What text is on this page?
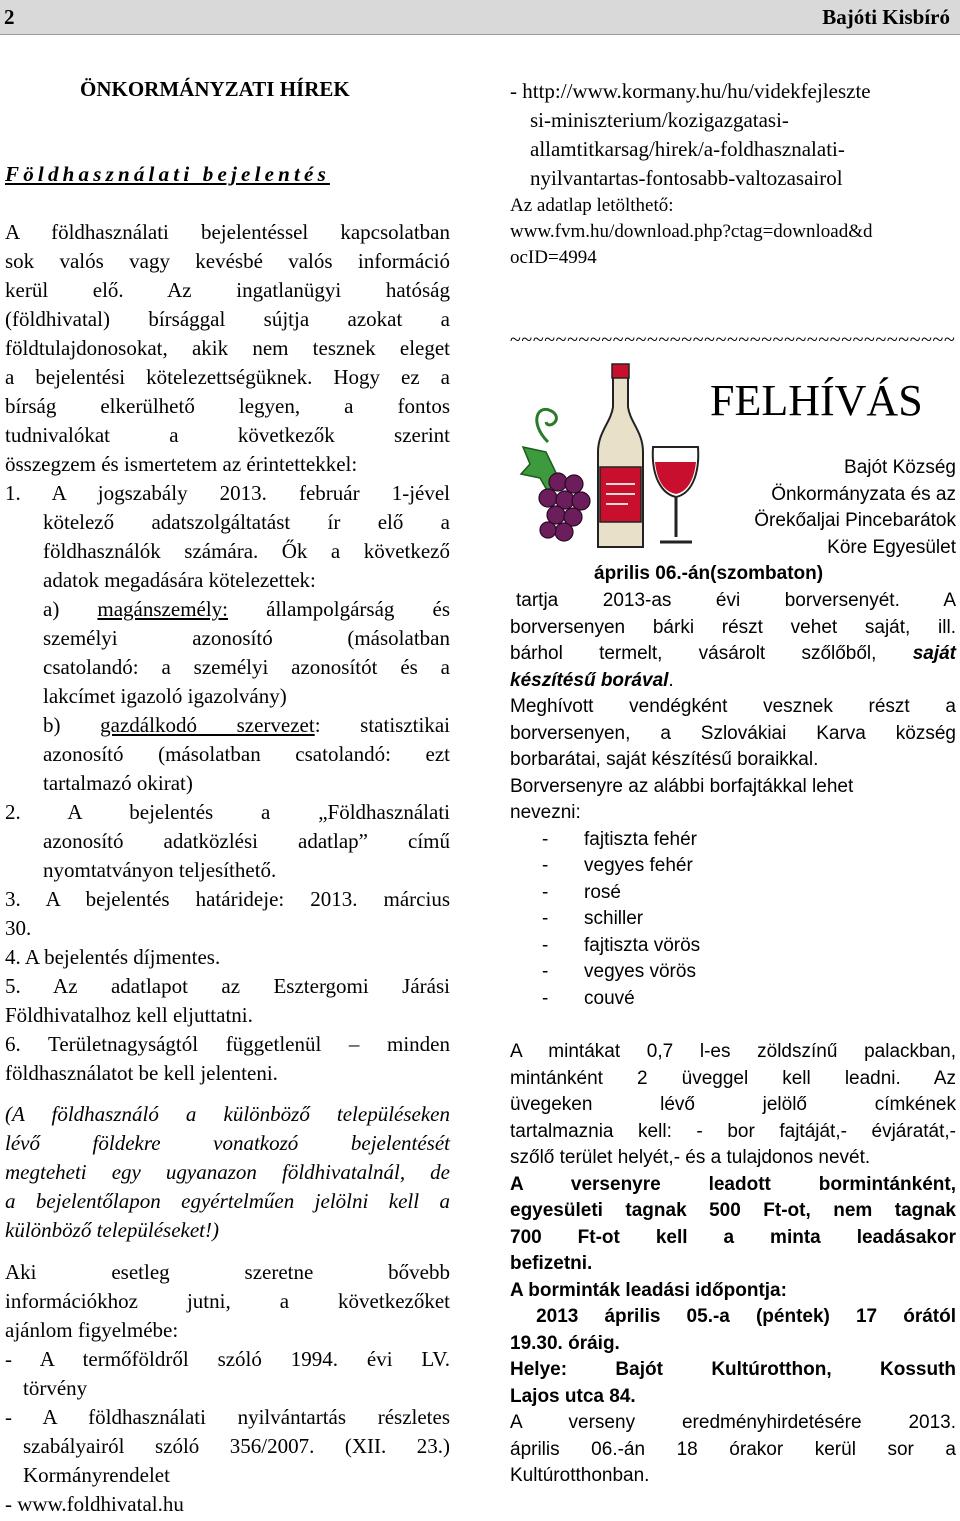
2	Bajóti Kisbíró
ÖNKORMÁNYZATI HÍREK
Földhasználati bejelentés
A földhasználati bejelentéssel kapcsolatban
sok valós vagy kevésbé valós információ
kerül elő. Az ingatlanügyi hatóság
(földhivatal) bírsággal sújtja azokat a
földtulajdonosokat, akik nem tesznek eleget
a bejelentési kötelezettségüknek. Hogy ez a
bírság elkerülhető legyen, a fontos
tudnivalókat a következők szerint
összegzem és ismertetem az érintettekkel:
1. A jogszabály 2013. február 1-jével
kötelező adatszolgáltatást ír elő a
földhasználók számára. Ők a következő
adatok megadására kötelezettek:
a) magánszemély: állampolgárság és
személyi azonosító (másolatban
csatolandó: a személyi azonosítót és a
lakcímet igazoló igazolvány)
b) gazdálkodó szervezet: statisztikai
azonosító (másolatban csatolandó: ezt
tartalmazó okirat)
2. A bejelentés a „Földhasználati
azonosító adatközlési adatlap” című
nyomtatványon teljesíthető.
3. A bejelentés határideje: 2013. március
30.
4. A bejelentés díjmentes.
5. Az adatlapot az Esztergomi Járási
Földhivatalhoz kell eljuttatni.
6. Területnagyságtól függetlenül – minden
földhasználatot be kell jelenteni.
(A földhasználó a különböző településeken
lévő földekre vonatkozó bejelentését
megteheti egy ugyanazon földhivatalnál, de
a bejelentőlapon egyértelműen jelölni kell a
különböző településeket!)
Aki esetleg szeretne bővebb
információkhoz jutni, a következőket
ajánlom figyelmébe:
- A termőföldről szóló 1994. évi LV.
törvény
- A földhasználati nyilvántartás részletes
szabályairól szóló 356/2007. (XII. 23.)
Kormányrendelet
- www.foldhivatal.hu
- http://www.kormany.hu/hu/videkfejleszte
si-miniszterium/kozigazgatasi-
allamtitkarsag/hirek/a-foldhasznalati-
nyilvantartas-fontosabb-valtozasairol
Az adatlap letölthető:
www.fvm.hu/download.php?ctag=download&d
ocID=4994
~~~~~~~~~~~~~~~~~~~~~~~~~~~~~~~~~~~~~~~
FELHÍVÁS
Bajót Község
Önkormányzata és az
Örekőaljai Pincebarátok
Köre Egyesület
április 06.-án(szombaton)
tartja 2013-as évi borversenyét. A
borversenyen bárki részt vehet saját, ill.
bárhol termelt, vásárolt szőlőből, saját
készítésű borával.
Meghívott vendégként vesznek részt a
borversenyen, a Szlovákiai Karva község
borbarátai, saját készítésű boraikkal.
Borversenyre az alábbi borfajtákkal lehet
nevezni:
- fajtiszta fehér
- vegyes fehér
- rosé
- schiller
- fajtiszta vörös
- vegyes vörös
- couvé
A mintákat 0,7 l-es zöldszínű palackban,
mintánként 2 üveggel kell leadni. Az
üvegeken lévő jelölő címkének
tartalmaznia kell: - bor fajtáját,- évjáratát,-
szőlő terület helyét,- és a tulajdonos nevét.
A versenyre leadott bormintánként,
egyesületi tagnak 500 Ft-ot, nem tagnak
700 Ft-ot kell a minta leadásakor
befizetni.
A borminták leadási időpontja:
2013 április 05.-a (péntek) 17 órától
19.30. óráig.
Helye: Bajót Kultúrotthon, Kossuth
Lajos utca 84.
A verseny eredményhirdetésére 2013.
április 06.-án 18 órakor kerül sor a
Kultúrotthonban.
